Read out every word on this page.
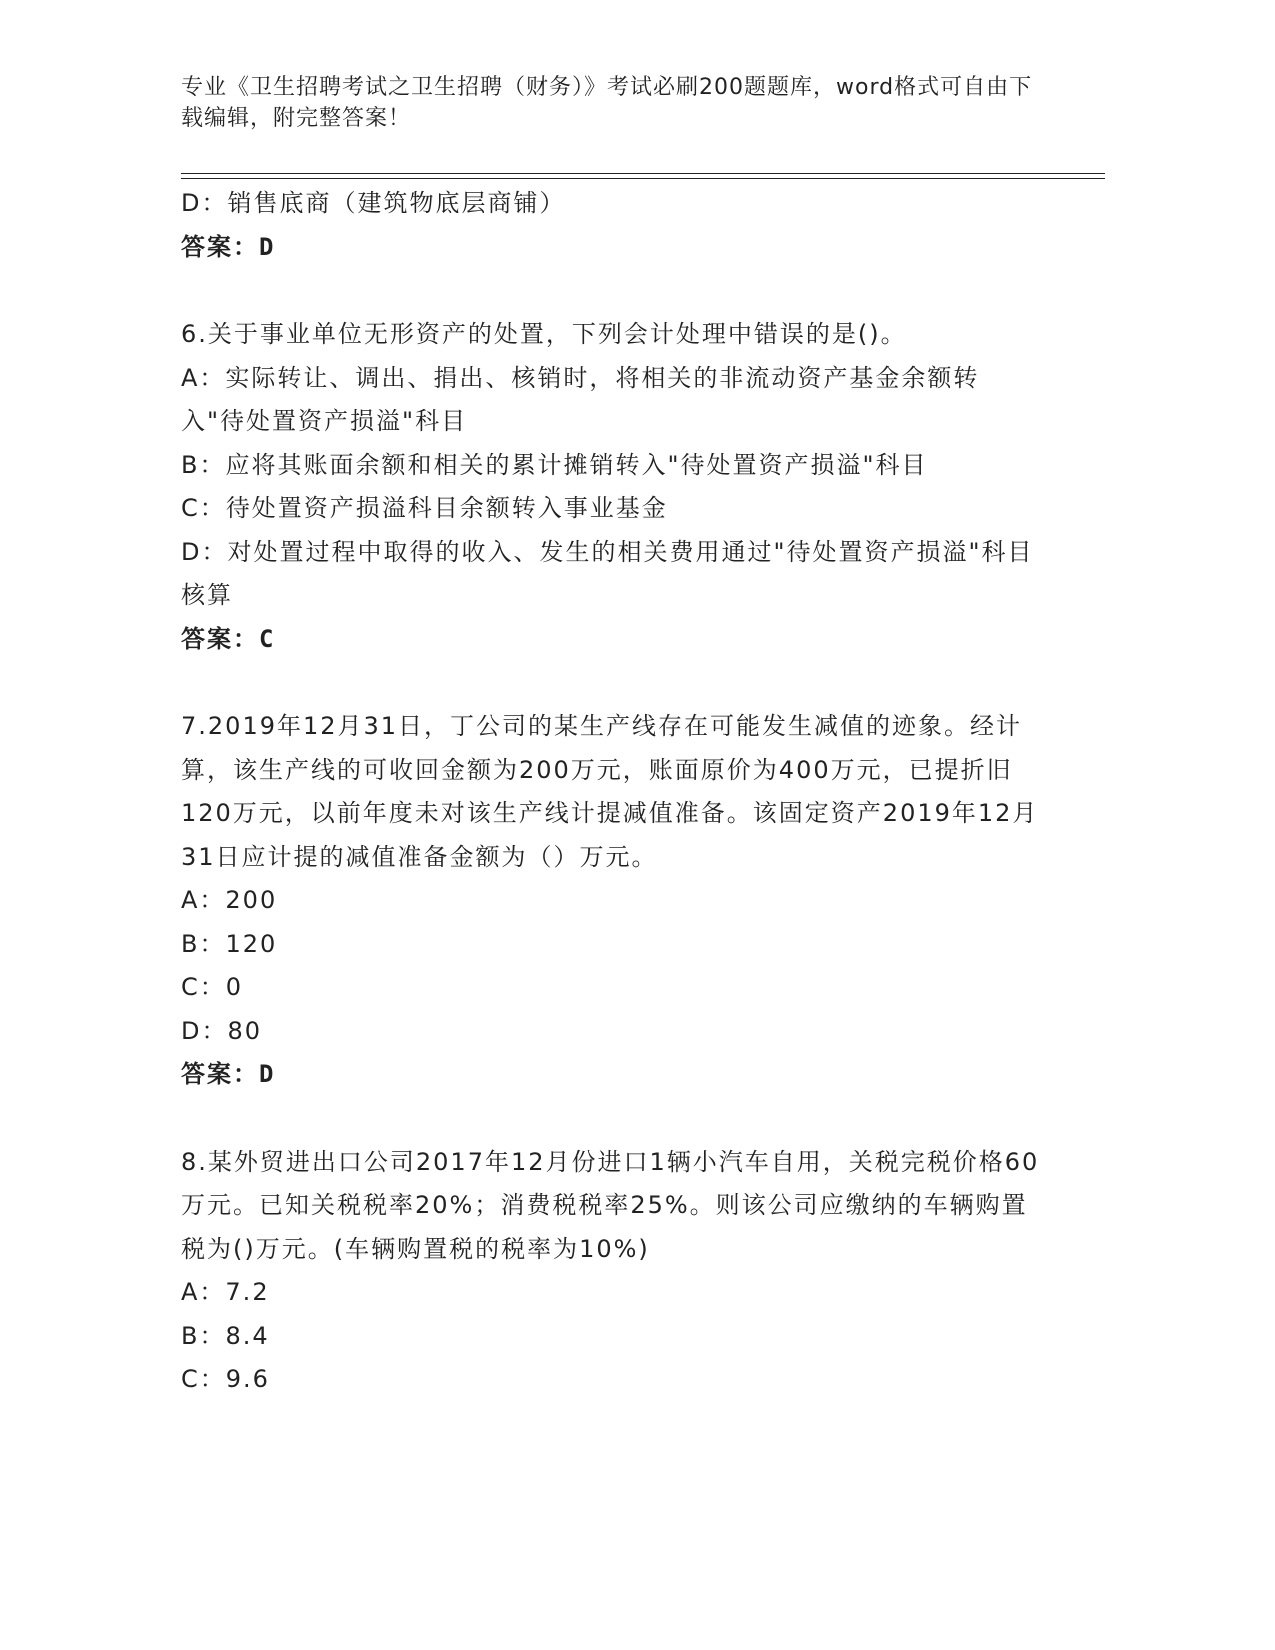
专业《卫生招聘考试之卫生招聘（财务）》考试必刷200题题库，word格式可自由下载编辑，附完整答案！
D：销售底商（建筑物底层商铺）
答案：D
6.关于事业单位无形资产的处置，下列会计处理中错误的是()。
A：实际转让、调出、捐出、核销时，将相关的非流动资产基金余额转入"待处置资产损溢"科目
B：应将其账面余额和相关的累计摊销转入"待处置资产损溢"科目
C：待处置资产损溢科目余额转入事业基金
D：对处置过程中取得的收入、发生的相关费用通过"待处置资产损溢"科目核算
答案：C
7.2019年12月31日，丁公司的某生产线存在可能发生减值的迹象。经计算，该生产线的可收回金额为200万元，账面原价为400万元，已提折旧120万元，以前年度未对该生产线计提减值准备。该固定资产2019年12月31日应计提的减值准备金额为（）万元。
A：200
B：120
C：0
D：80
答案：D
8.某外贸进出口公司2017年12月份进口1辆小汽车自用，关税完税价格60万元。已知关税税率20%；消费税税率25%。则该公司应缴纳的车辆购置税为()万元。(车辆购置税的税率为10%)
A：7.2
B：8.4
C：9.6
